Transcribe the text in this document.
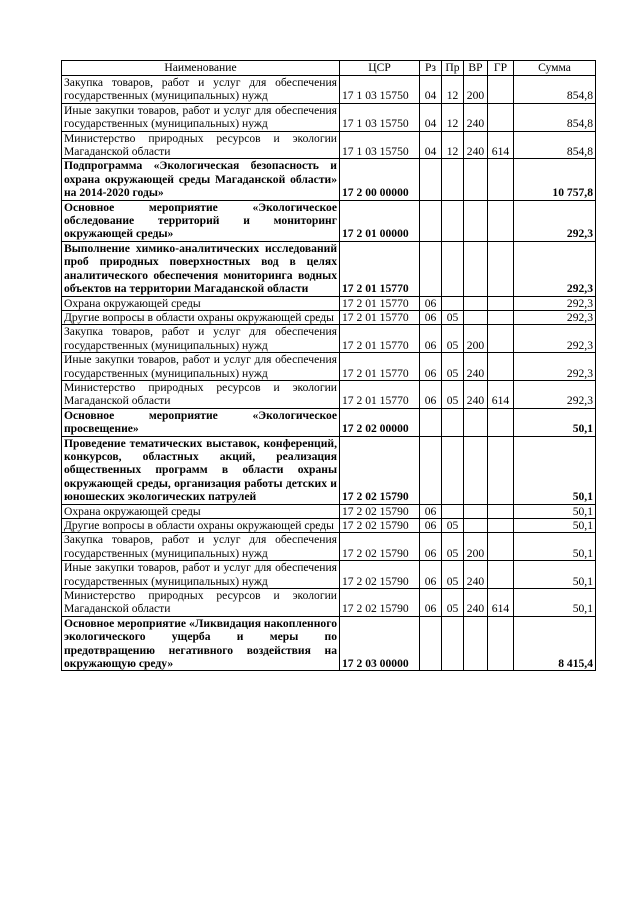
Наименование	ЦСР	Рз	Пр	ВР	ГР	Сумма
Закупка товаров, работ и услуг для обеспечения государственных (муниципальных) нужд	17 1 03 15750	04	12	200		854,8
Иные закупки товаров, работ и услуг для обеспечения государственных (муниципальных) нужд	17 1 03 15750	04	12	240		854,8
Министерство природных ресурсов и экологии Магаданской области	17 1 03 15750	04	12	240	614	854,8
Подпрограмма «Экологическая безопасность и охрана окружающей среды Магаданской области» на 2014-2020 годы»	17 2 00 00000					10 757,8
Основное мероприятие «Экологическое обследование территорий и мониторинг окружающей среды»	17 2 01 00000					292,3
Выполнение химико-аналитических исследований проб природных поверхностных вод в целях аналитического обеспечения мониторинга водных объектов на территории Магаданской области	17 2 01 15770					292,3
Охрана окружающей среды	17 2 01 15770	06				292,3
Другие вопросы в области охраны окружающей среды	17 2 01 15770	06	05			292,3
Закупка товаров, работ и услуг для обеспечения государственных (муниципальных) нужд	17 2 01 15770	06	05	200		292,3
Иные закупки товаров, работ и услуг для обеспечения государственных (муниципальных) нужд	17 2 01 15770	06	05	240		292,3
Министерство природных ресурсов и экологии Магаданской области	17 2 01 15770	06	05	240	614	292,3
Основное мероприятие «Экологическое просвещение»	17 2 02 00000					50,1
Проведение тематических выставок, конференций, конкурсов, областных акций, реализация общественных программ в области охраны окружающей среды, организация работы детских и юношеских экологических патрулей	17 2 02 15790					50,1
Охрана окружающей среды	17 2 02 15790	06				50,1
Другие вопросы в области охраны окружающей среды	17 2 02 15790	06	05			50,1
Закупка товаров, работ и услуг для обеспечения государственных (муниципальных) нужд	17 2 02 15790	06	05	200		50,1
Иные закупки товаров, работ и услуг для обеспечения государственных (муниципальных) нужд	17 2 02 15790	06	05	240		50,1
Министерство природных ресурсов и экологии Магаданской области	17 2 02 15790	06	05	240	614	50,1
Основное мероприятие «Ликвидация накопленного экологического ущерба и меры по предотвращению негативного воздействия на окружающую среду»	17 2 03 00000					8 415,4
